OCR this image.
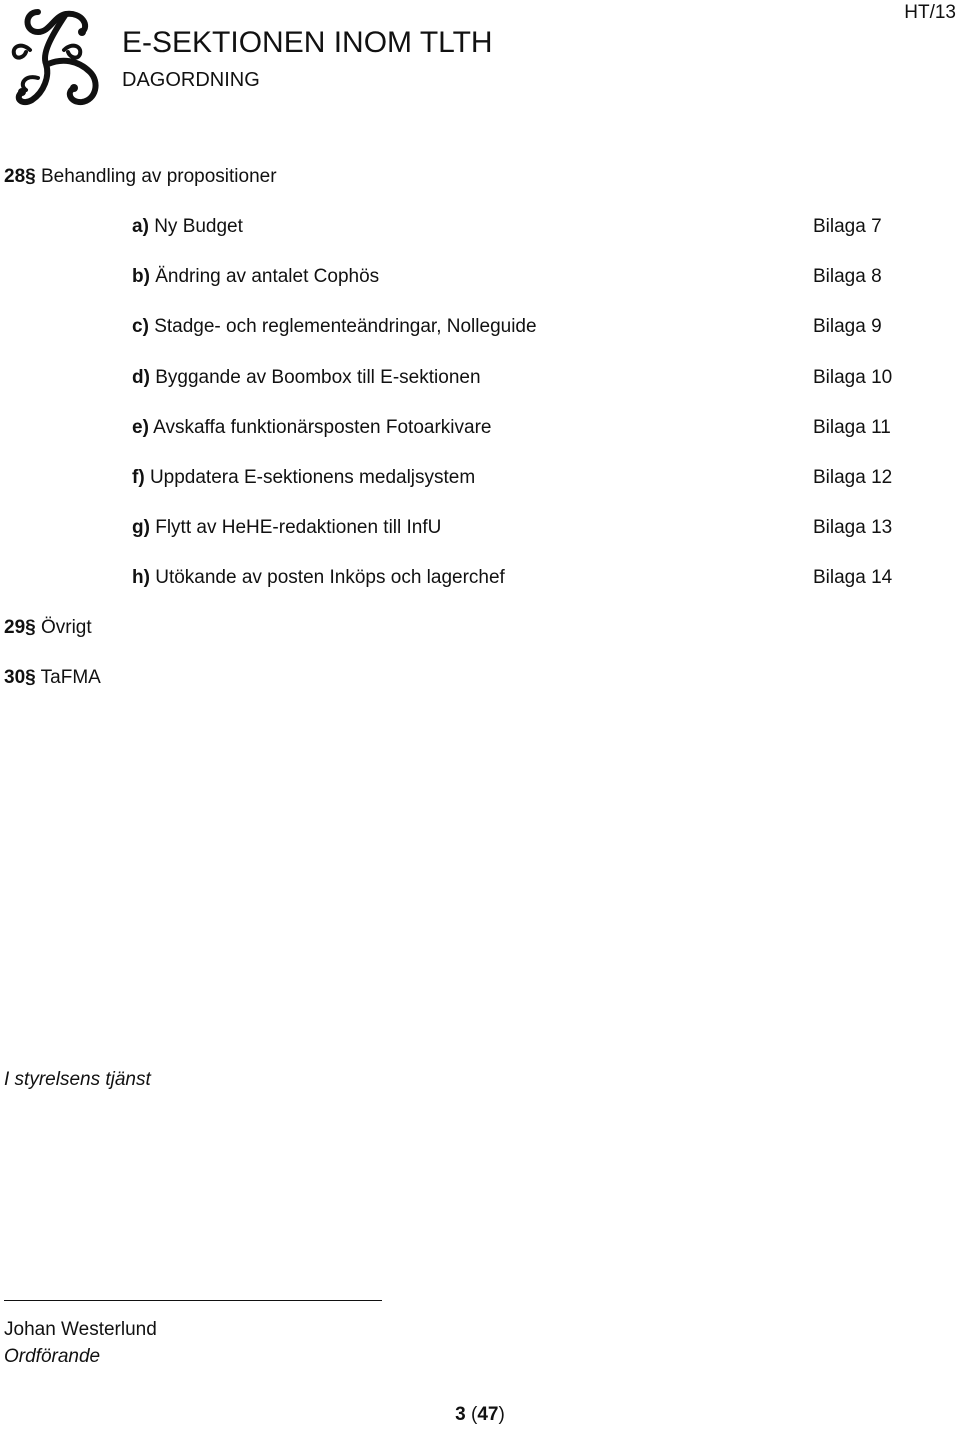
E-SEKTIONEN INOM TLTH
DAGORDNING
HT/13
28§ Behandling av propositioner
a) Ny Budget	Bilaga 7
b) Ändring av antalet Cophös	Bilaga 8
c) Stadge- och reglementeändringar, Nolleguide	Bilaga 9
d) Byggande av Boombox till E-sektionen	Bilaga 10
e) Avskaffa funktionärsposten Fotoarkivare	Bilaga 11
f) Uppdatera E-sektionens medaljsystem	Bilaga 12
g) Flytt av HeHE-redaktionen till InfU	Bilaga 13
h) Utökande av posten Inköps och lagerchef	Bilaga 14
29§ Övrigt
30§ TaFMA
I styrelsens tjänst
Johan Westerlund
Ordförande
3 (47)
